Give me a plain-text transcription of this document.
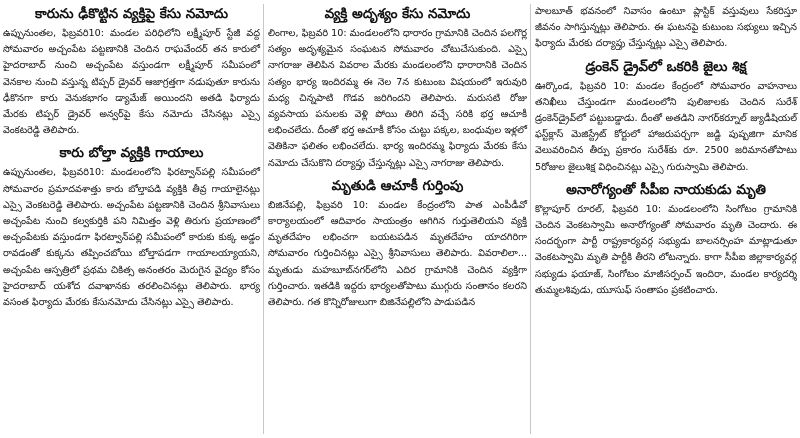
కారును ఢీకొట్టిన వ్యక్తిపై కేసు నమోదు

ఉప్పునుంతల, ఫిబ్రవరి10: మండల పరిధిలోని లక్ష్మీపూర్ స్టేజీ వద్ద సోమవారం అచ్చంపేట పట్టణానికి చెందిన రాఘవేందర్ తన కారులో హైదరాబాద్ నుంచి అచ్చంపేట వస్తుండగా లక్ష్మీపూర్ సమీపంలో వెనకాల నుంచి వస్తున్న టిప్పర్ డ్రైవర్ ఆజాగ్రత్తగా నడుపుతూ కారును ఢీకొనగా కారు వెనుకభాగం డ్యామేజ్ అయిందని అతడి ఫిర్యాదు మేరకు టిప్పర్ డ్రైవర్ అన్వర్‌పై కేసు నమోదు చేసినట్లు ఎస్సై వెంకటరెడ్డి తెలిపారు.

కారు బోల్తా వ్యక్తికి గాయాలు

ఉప్పునుంతల, ఫిబ్రవరి10: మండలంలోని ఫిరట్వాన్‌పల్లి సమీపంలో సోమవారం ప్రమాదవశాత్తు కారు బోల్తాపడి వ్యక్తికి తీవ్ర గాయాలైనట్లు ఎస్సై వెంకటరెడ్డి తెలిపారు. అచ్చంపేట పట్టణానికి చెందిన శ్రీనివాసులు అచ్చంపేట నుంచి కల్వకుర్తికి పని నిమిత్తం వెళ్లి తిరుగు ప్రయాణంలో అచ్చంపేటకు వస్తుండగా ఫిరట్వాన్‌పల్లి సమీపంలో కారుకు కుక్క అడ్డం రావడంతో కుక్కను తప్పించబోయి బోల్తాపడగా గాయాలయ్యాయని, అచ్చంపేట ఆస్పత్రిలో ప్రథమ చికిత్స అనంతరం మెరుగైన వైద్యం కోసం హైదరాబాద్ యశోద దవాఖానకు తరలించినట్లు తెలిపారు. భార్య వసంత ఫిర్యాదు మేరకు కేసునమోదు చేసినట్లు ఎస్సై తెలిపారు.

వ్యక్తి అదృశ్యం కేసు నమోదు

లింగాల, ఫిబ్రవరి 10: మండలంలోని ధారారం గ్రామానికి చెందిన పలగొర్ల సత్యం అదృశ్యమైన సంఘటన సోమవారం చోటుచేసుకుంది. ఎస్సై నాగరాజు తెలిపిన వివరాల మేరకు మండలంలోని ధారారానికి చెందిన సత్యం భార్య ఇందిరమ్మ ఈ నెల 7న కుటుంబ విషయంలో ఇరువురి మధ్య చిన్నపాటి గొడవ జరిగిందని తెలిపారు. మరుసటి రోజు వ్యవసాయ పనులకు వెళ్లి పోయి తిరిగి వచ్చే సరికి భర్త ఆచూకీ లభించలేదు. దీంతో భర్త ఆచూకీ కోసం చుట్టు పక్కల, బంధువుల ఇళ్లలో వెతికినా ఫలితం లభించలేదు. భార్య ఇందిరమ్మ ఫిర్యాదు మేరకు కేసు నమోదు చేసుకొని దర్యాప్తు చేస్తున్నట్లు ఎస్సై నాగరాజు తెలిపారు.

మృతుడి ఆచూకీ గుర్తింపు

బిజినేపల్లి, ఫిబ్రవరి 10: మండల కేంద్రంలోని పాత ఎంపీడీవో కార్యాలయంలో ఆదివారం సాయంత్రం ఆగిగిన గుర్తుతెలియని వ్యక్తి మృతదేహం లభించగా బయటపడిన మృతదేహం యాదగిరిగా సోమవారం గుర్తించినట్లు ఎస్సై శ్రీనివాసులు తెలిపారు. వివరాలిలా... మృతుడు మహబూబ్‌నగర్‌లోని ఎదిర గ్రామానికి చెందిన వ్యక్తిగా గుర్తించారు. ఇతడికి ఇద్దరు భార్యలతోపాటు ముగ్గురు సంతానం కలరని తెలిపారు. గత కొన్నిరోజులుగా బిజినేపల్లిలోని పాడుపడిన

పాలబూత్ భవనంలో నివాసం ఉంటూ ప్లాస్టిక్ వస్తువులు సేకరిస్తూ జీవనం సాగిస్తున్నట్లు తెలిపారు. ఈ ఘటనపై కుటుంబ సభ్యులు ఇచ్చిన ఫిర్యాదు మేరకు దర్యాప్తు చేస్తున్నట్లు ఎస్సై తెలిపారు.

డ్రంకెన్ డ్రైవ్‌లో ఒకరికి జైలు శిక్ష

ఊర్కొండ, ఫిబ్రవరి 10: మండల కేంద్రంలో సోమవారం వాహనాలు తనిఖీలు చేస్తుండగా మండలంలోని పులిజాలకు చెందిన సురేశ్ డ్రంకెన్‌డ్రైవ్‌లో పట్టుబడ్డాడు. దీంతో అతడిని నాగర్‌కర్నూల్ జ్యుడీషియల్ ఫస్ట్‌క్లాస్ మెజిస్ట్రేట్ కోర్టులో హాజరుపర్చగా జడ్జి పుష్పజిగా మానిక వెలువరించిన తీర్పు ప్రకారం సురేశ్‌కు రూ. 2500 జరిమానతోపాటు 5రోజుల జైలుశిక్ష విధించినట్లు ఎస్సై గురుస్వామి తెలిపారు.

అనారోగ్యంతో సీపీఐ నాయకుడు మృతి

కొల్లాపూర్ రూరల్, ఫిబ్రవరి 10: మండలంలోని సింగోటం గ్రామానికి చెందిన వెంకటస్వామి అనారోగ్యంతో సోమవారం మృతి చెందారు. ఈ సందర్భంగా పార్టీ రాష్ట్రకార్యవర్గ సభ్యుడు బాలనర్సింహ మాట్లాడుతూ వెంకటస్వామి మృతి పార్టీకి తీరని లోటన్నారు. కాగా సీపీఐ జిల్లాకార్యవర్గ సభ్యుడు ఫయాజ్, సింగోటం మాజీసర్పంచ్ ఇందిరా, మండల కార్యదర్శి తుమ్మలశివుడు, యూసుఫ్ సంతాపం ప్రకటించారు.
